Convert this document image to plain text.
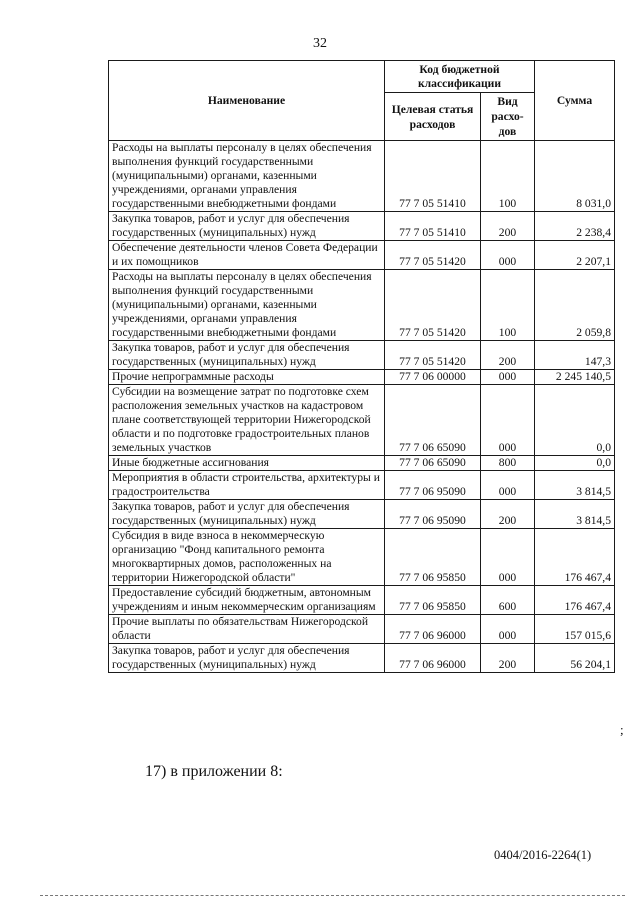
32
Наименование	Код бюджетной классификации		Сумма
	Целевая статья расходов	Вид расхо-дов	
Расходы на выплаты персоналу в целях обеспечения выполнения функций государственными (муниципальными) органами, казенными учреждениями, органами управления государственными внебюджетными фондами	77 7 05 51410	100	8 031,0
Закупка товаров, работ и услуг для обеспечения государственных (муниципальных) нужд	77 7 05 51410	200	2 238,4
Обеспечение деятельности членов Совета Федерации и их помощников	77 7 05 51420	000	2 207,1
Расходы на выплаты персоналу в целях обеспечения выполнения функций государственными (муниципальными) органами, казенными учреждениями, органами управления государственными внебюджетными фондами	77 7 05 51420	100	2 059,8
Закупка товаров, работ и услуг для обеспечения государственных (муниципальных) нужд	77 7 05 51420	200	147,3
Прочие непрограммные расходы	77 7 06 00000	000	2 245 140,5
Субсидии на возмещение затрат по подготовке схем расположения земельных участков на кадастровом плане соответствующей территории Нижегородской области и по подготовке градостроительных планов земельных участков	77 7 06 65090	000	0,0
Иные бюджетные ассигнования	77 7 06 65090	800	0,0
Мероприятия в области строительства, архитектуры и градостроительства	77 7 06 95090	000	3 814,5
Закупка товаров, работ и услуг для обеспечения государственных (муниципальных) нужд	77 7 06 95090	200	3 814,5
Субсидия в виде взноса в некоммерческую организацию "Фонд капитального ремонта многоквартирных домов, расположенных на территории Нижегородской области"	77 7 06 95850	000	176 467,4
Предоставление субсидий бюджетным, автономным учреждениям и иным некоммерческим организациям	77 7 06 95850	600	176 467,4
Прочие выплаты по обязательствам Нижегородской области	77 7 06 96000	000	157 015,6
Закупка товаров, работ и услуг для обеспечения государственных (муниципальных) нужд	77 7 06 96000	200	56 204,1
;
17) в приложении 8:
0404/2016-2264(1)
